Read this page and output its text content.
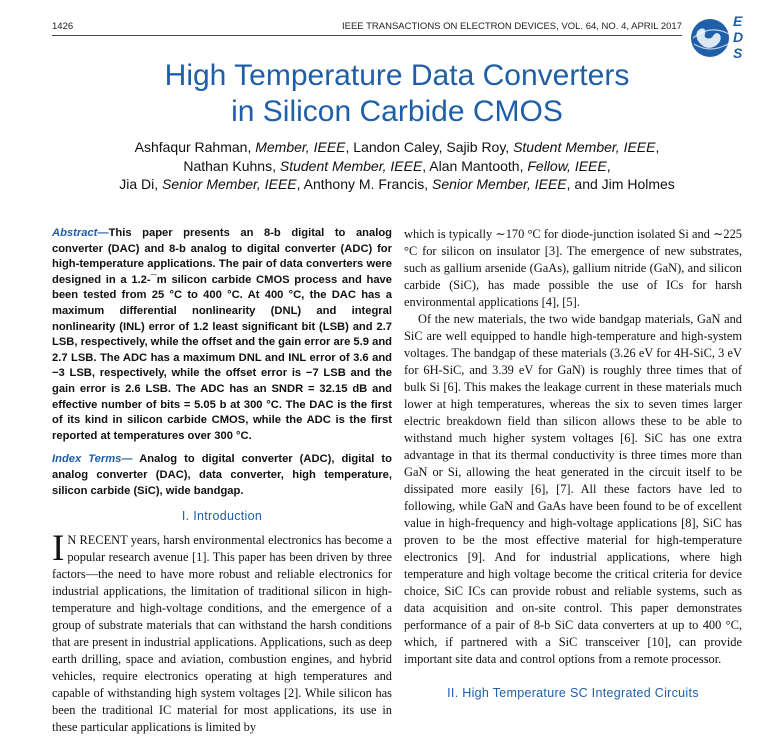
1426	IEEE TRANSACTIONS ON ELECTRON DEVICES, VOL. 64, NO. 4, APRIL 2017	E
D
S
High Temperature Data Converters
in Silicon Carbide CMOS
Ashfaqur Rahman, Member, IEEE, Landon Caley, Sajib Roy, Student Member, IEEE,
Nathan Kuhns, Student Member, IEEE, Alan Mantooth, Fellow, IEEE,
Jia Di, Senior Member, IEEE, Anthony M. Francis, Senior Member, IEEE, and Jim Holmes
Abstract—This paper presents an 8-b digital to analog converter (DAC) and 8-b analog to digital converter (ADC) for high-temperature applications. The pair of data converters were designed in a 1.2-¯m silicon carbide CMOS process and have been tested from 25 °C to 400 °C. At 400 °C, the DAC has a maximum differential nonlinearity (DNL) and integral nonlinearity (INL) error of 1.2 least significant bit (LSB) and 2.7 LSB, respectively, while the offset and the gain error are 5.9 and 2.7 LSB. The ADC has a maximum DNL and INL error of 3.6 and −3 LSB, respectively, while the offset error is −7 LSB and the gain error is 2.6 LSB. The ADC has an SNDR = 32.15 dB and effective number of bits = 5.05 b at 300 °C. The DAC is the first of its kind in silicon carbide CMOS, while the ADC is the first reported at temperatures over 300 °C.
Index Terms— Analog to digital converter (ADC), digital to analog converter (DAC), data converter, high temperature, silicon carbide (SiC), wide bandgap.
I. Introduction

I N RECENT years, harsh environmental electronics has become a popular research avenue [1]. This paper has been driven by three factors—the need to have more robust and reliable electronics for industrial applications, the limitation of traditional silicon in high-temperature and high-voltage conditions, and the emergence of a group of substrate materials that can withstand the harsh conditions that are present in industrial applications. Applications, such as deep earth drilling, space and aviation, combustion engines, and hybrid vehicles, require electronics operating at high temperatures and capable of withstanding high system voltages [2]. While silicon has been the traditional IC material for most applications, its use in these particular applications is limited by

which is typically ∼170 °C for diode-junction isolated Si and ∼225 °C for silicon on insulator [3]. The emergence of new substrates, such as gallium arsenide (GaAs), gallium nitride (GaN), and silicon carbide (SiC), has made possible the use of ICs for harsh environmental applications [4], [5].

Of the new materials, the two wide bandgap materials, GaN and SiC are well equipped to handle high-temperature and high-system voltages. The bandgap of these materials (3.26 eV for 4H-SiC, 3 eV for 6H-SiC, and 3.39 eV for GaN) is roughly three times that of bulk Si [6]. This makes the leakage current in these materials much lower at high temperatures, whereas the six to seven times larger electric breakdown field than silicon allows these to be able to withstand much higher system voltages [6]. SiC has one extra advantage in that its thermal conductivity is three times more than GaN or Si, allowing the heat generated in the circuit itself to be dissipated more easily [6], [7]. All these factors have led to following, while GaN and GaAs have been found to be of excellent value in high-frequency and high-voltage applications [8], SiC has proven to be the most effective material for high-temperature electronics [9]. And for industrial applications, where high temperature and high voltage become the critical criteria for device choice, SiC ICs can provide robust and reliable systems, such as data acquisition and on-site control. This paper demonstrates performance of a pair of 8-b SiC data converters at up to 400 °C, which, if partnered with a SiC transceiver [10], can provide important site data and control options from a remote processor.

II. High Temperature SC Integrated Circuits
